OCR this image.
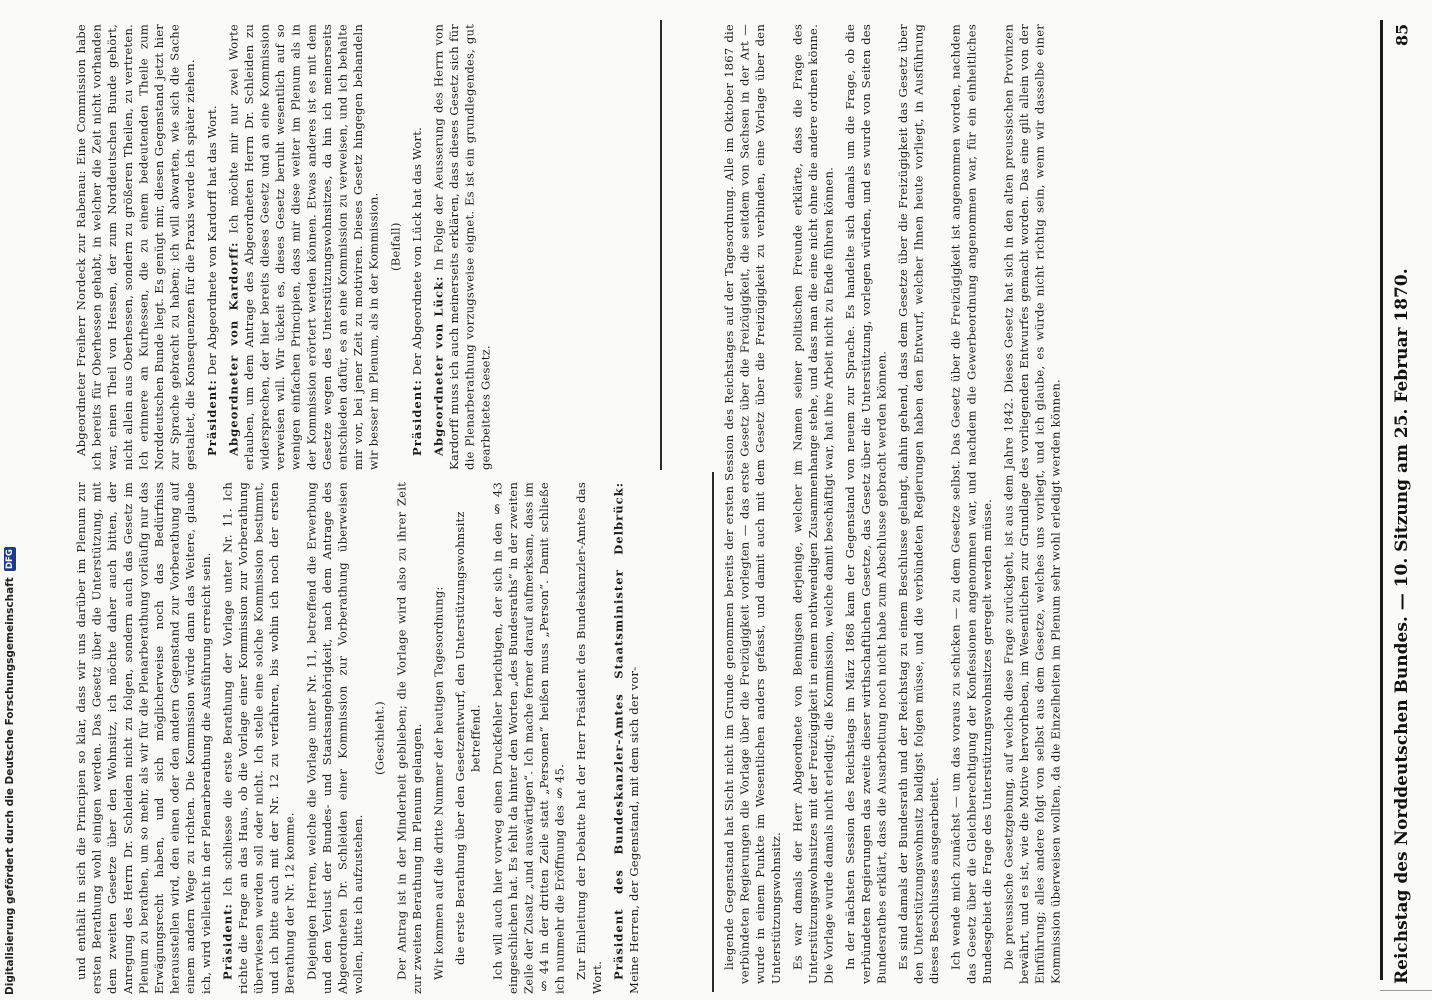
Reichstag des Norddeutschen Bundes. — 10. Sitzung am 25. Februar 1870.
85

liegende Gegenstand hat Sicht nicht im Grunde genommen bereits der ersten Session des Reichstages auf der Tagesordnung. Alle im Oktober 1867 die verbündeten Regierungen die Vorlage über die Freizügigkeit vorlegten — das erste Gesetz über die Freizügigkeit, die seitdem von Sachsen in der Art — wurde in einem Punkte im Wesentlichen anders gefasst, und damit auch mit dem Gesetz über die Freizügigkeit zu verbinden, eine Vorlage über den Unterstützungswohnsitz. Es war damals der Herr Abgeordnete von Bennigsen derjenige, welcher im Namen seiner politischen Freunde erklärte, dass die Frage des Unterstützungswohnsitzes mit der Freizügigkeit in einem nothwendigen Zusammenhange stehe, und dass man die eine nicht ohne die andere ordnen könne. Die Vorlage wurde damals nicht erledigt; die Kommission, welche damit beschäftigt war, hat ihre Arbeit nicht zu Ende führen können. In der nächsten Session des Reichstags im März 1868 kam der Gegenstand von neuem zur Sprache. Es handelte sich damals um die Frage, ob die verbündeten Regierungen das zweite dieser wirthschaftlichen Gesetze, das Gesetz über die Unterstützung, vorlegen würden, und es wurde von Seiten des Bundesrathes erklärt, dass die Ausarbeitung noch nicht habe zum Abschlusse gebracht werden können. Es sind damals der Bundesrath und der Reichstag zu einem Beschlusse gelangt, dahin gehend, dass dem Gesetze über die Freizügigkeit das Gesetz über den Unterstützungswohnsitz baldigst folgen müsse, und die verbündeten Regierungen haben den Entwurf, welcher Ihnen heute vorliegt, in Ausführung dieses Beschlusses ausgearbeitet. Ich wende mich zunächst — um das voraus zu schicken — zu dem Gesetze selbst. Das Gesetz über die Freizügigkeit ist angenommen worden, nachdem das Gesetz über die Gleichberechtigung der Konfessionen angenommen war, und nachdem die Gewerbeordnung angenommen war, für ein einheitliches Bundesgebiet die Frage des Unterstützungswohnsitzes geregelt werden müsse. Die preussische Gesetzgebung, auf welche diese Frage zurückgeht, ist aus dem Jahre 1842. Dieses Gesetz hat sich in den alten preussischen Provinzen bewährt, und es ist, wie die Motive hervorheben, im Wesentlichen zur Grundlage des vorliegenden Entwurfes gemacht worden. Das eine gilt allein von der Einführung; alles andere folgt von selbst aus dem Gesetze, welches uns vorliegt, und ich glaube, es würde nicht richtig sein, wenn wir dasselbe einer Kommission überweisen wollten, da die Einzelheiten im Plenum sehr wohl erledigt werden können.

Abgeordneter Freiherr Nordeck zur Rabenau: Eine Commission habe ich bereits für Oberhessen gehabt, in welcher die Zeit nicht vorhanden war, einen Theil von Hessen, der zum Norddeutschen Bunde gehört, nicht allein aus Oberhessen, sondern zu größeren Theilen, zu vertreten. Ich erinnere an Kurhessen, die zu einem bedeutenden Theile zum Norddeutschen Bunde liegt. Es genügt mir, diesen Gegenstand jetzt hier zur Sprache gebracht zu haben; ich will abwarten, wie sich die Sache gestaltet, die Konsequenzen für die Praxis werde ich später ziehen. Präsident: Der Abgeordnete von Kardorff hat das Wort. Abgeordneter von Kardorff: Ich möchte mir nur zwei Worte erlauben, um dem Antrage des Abgeordneten Herrn Dr. Schleiden zu widersprechen, der hier bereits dieses Gesetz und an eine Kommission verweisen will. Wir ückeit es, dieses Gesetz beruht wesentlich auf so wenigen einfachen Principien, dass mir diese weiter im Plenum als in der Kommission erörtert werden können. Etwas anderes ist es mit dem Gesetze wegen des Unterstützungswohnsitzes, da hin ich meinerseits entschieden dafür, es an eine Kommission zu verweisen, und ich behalte mir vor, bei jener Zeit zu motiviren. Dieses Gesetz hingegen behandeln wir besser im Plenum, als in der Kommission. (Beifall)

Präsident: Der Abgeordnete von Lück hat das Wort. Abgeordneter von Lück: In Folge der Aeusserung des Herrn von Kardorff muss ich auch meinerseits erklären, dass dieses Gesetz sich für die Plenarberathung vorzugsweise eignet. Es ist ein grundlegendes, gut gearbeitetes Gesetz.

und enthält in sich die Principien so klar, dass wir uns darüber im Plenum zur ersten Berathung wohl einigen werden. Das Gesetz über die Unterstützung, mit dem zweiten Gesetze über den Wohnsitz, ich möchte daher auch bitten, der Anregung des Herrn Dr. Schleiden nicht zu folgen, sondern auch das Gesetz im Plenum zu berathen, um so mehr, als wir für die Plenarberathung vorläufig nur das Erwägungsrecht haben, und sich möglicherweise noch das Bedürfniss herausstellen wird, den einen oder den andern Gegenstand zur Vorberathung auf einem andern Wege zu richten. Die Kommission würde dann das Weitere, glaube ich, wird vielleicht in der Plenarberathung die Ausführung erreicht sein. Präsident: Ich schliesse die erste Berathung der Vorlage unter Nr. 11. Ich richte die Frage an das Haus, ob die Vorlage einer Kommission zur Vorberathung überwiesen werden soll oder nicht. Ich stelle eine solche Kommission bestimmt, und ich bitte auch mit der Nr. 12 zu verfahren, bis wohin ich noch der ersten Berathung der Nr. 12 komme. Diejenigen Herren, welche die Vorlage unter Nr. 11, betreffend die Erwerbung und den Verlust der Bundes- und Staatsangehörigkeit, nach dem Antrage des Abgeordneten Dr. Schleiden einer Kommission zur Vorberathung überweisen wollen, bitte ich aufzustehen.

(Geschieht.) Der Antrag ist in der Minderheit geblieben; die Vorlage wird also zu ihrer Zeit zur zweiten Berathung im Plenum gelangen. Wir kommen auf die dritte Nummer der heutigen Tagesordnung: die erste Berathung über den Gesetzentwurf, den Unterstützungswohnsitz betreffend. Ich will auch hier vorweg einen Druckfehler berichtigen, der sich in den § 43 eingeschlichen hat. Es fehlt da hinter den Worten „des Bundesraths“ in der zweiten Zeile der Zusatz „und auswärtigen“. Ich mache ferner darauf aufmerksam, dass im § 44 in der dritten Zeile statt „Personen“ heißen muss „Person“. Damit schließe ich nunmehr die Eröffnung des § 45. Zur Einleitung der Debatte hat der Herr Präsident des Bundeskanzler-Amtes das Wort. Präsident des Bundeskanzler-Amtes Staatsminister Delbrück: Meine Herren, der Gegenstand, mit dem sich der vor-

Digitalisierung gefördert durch die Deutsche Forschungsgemeinschaft
DFG
